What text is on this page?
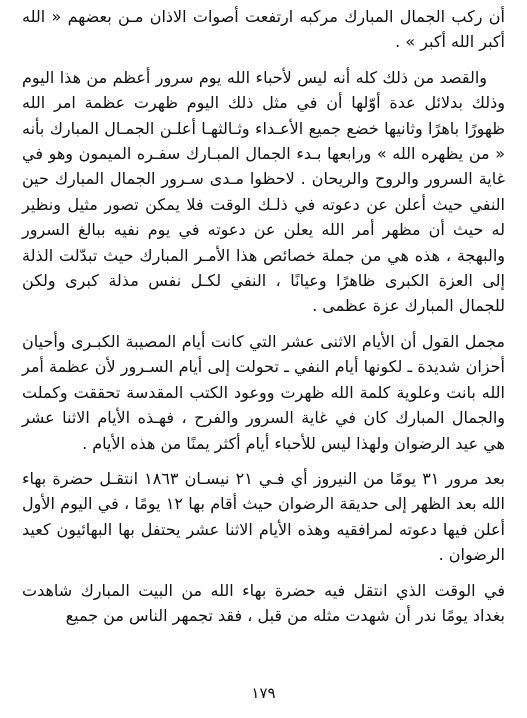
أن ركب الجمال المبارك مركبه ارتفعت أصوات الاذان مـن بعضهم « الله أكبر الله أكبر » .

والقصد من ذلك كله أنه ليس لأحباء الله يوم سرور أعظم من هذا اليوم وذلك بدلائل عدة أوّلها أن في مثل ذلك اليوم ظهرت عظمة امر الله ظهورًا باهرًا وثانيها خضع جميع الأعـداء وثـالثهـا أعلـن الجمـال المبارك بأنه « من يظهره الله » ورابعها بـدء الجمال المبـارك سفـره الميمون وهو في غاية السرور والروح والريحان . لاحظوا مـدى سـرور الجمال المبارك حين النفي حيث أعلن عن دعوته في ذلـك الوقت فلا يمكن تصور مثيل ونظير له حيث أن مظهر أمر الله يعلن عن دعوته في يوم نفيه ببالغ السرور والبهجة ، هذه هي من جملة خصائص هذا الأمـر المبارك حيث تبدّلت الذلة إلى العزة الكبرى ظاهرًا وعيانًا ، النفي لكـل نفس مذلة كبرى ولكن للجمال المبارك عزة عظمى .

مجمل القول أن الأيام الاثنى عشر التي كانت أيام المصيبة الكبـرى وأحيان أحزان شديدة ـ لكونها أيام النفي ـ تحولت إلى أيام السـرور لأن عظمة أمر الله بانت وعلوية كلمة الله ظهرت ووعود الكتب المقدسة تحققت وكملت والجمال المبارك كان في غاية السرور والفرح ، فهـذه الأيام الاثنا عشر هي عيد الرضوان ولهذا ليس للأحباء أيام أكثر يمنًا من هذه الأيام .

بعد مرور ٣١ يومًا من النيروز أي فـي ٢١ نيسـان ١٨٦٣ انتقـل حضرة بهاء الله بعد الظهر إلى حديقة الرضوان حيث أقام بها ١٢ يومًا ، في اليوم الأول أعلن فيها دعوته لمرافقيه وهذه الأيام الاثنا عشر يحتفل بها البهائيون كعيد الرضوان .

في الوقت الذي انتقل فيه حضرة بهاء الله من البيت المبارك شاهدت بغداد يومًا ندر أن شهدت مثله من قبل ، فقد تجمهر الناس من جميع

١٧٩
